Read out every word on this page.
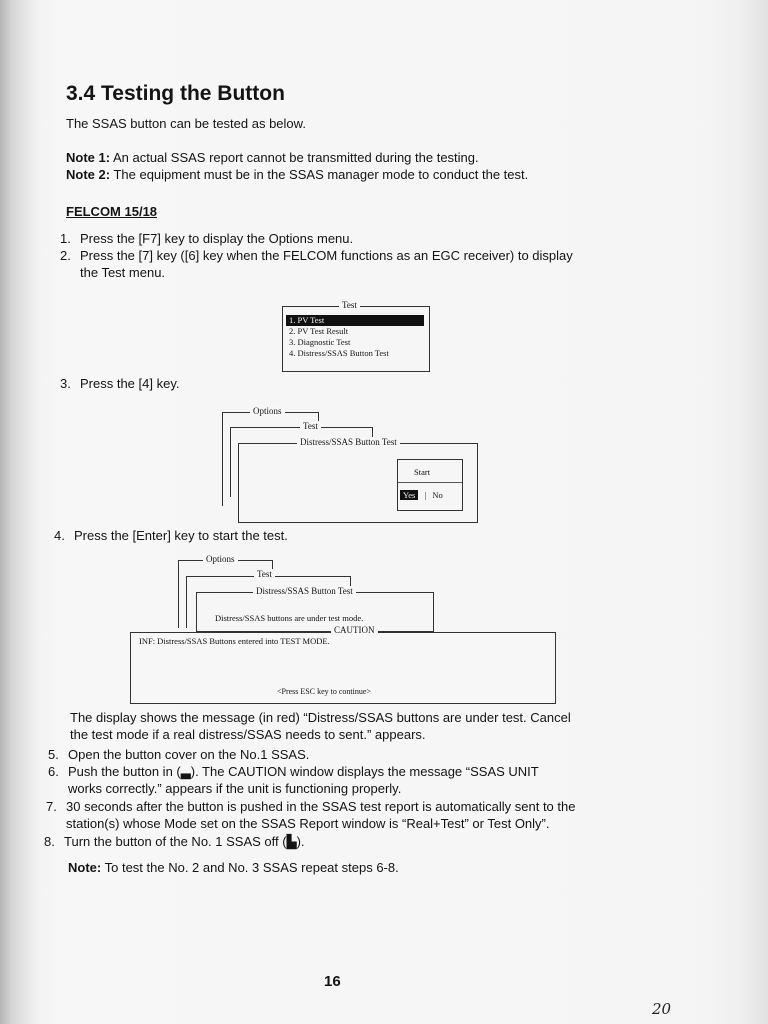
3.4 Testing the Button
The SSAS button can be tested as below.
Note 1: An actual SSAS report cannot be transmitted during the testing.
Note 2: The equipment must be in the SSAS manager mode to conduct the test.
FELCOM 15/18
1. Press the [F7] key to display the Options menu.
2. Press the [7] key ([6] key when the FELCOM functions as an EGC receiver) to display
the Test menu.
Test
1. PV Test
2. PV Test Result
3. Diagnostic Test
4. Distress/SSAS Button Test
3. Press the [4] key.
Options
Test
Distress/SSAS Button Test
Start
Yes | No
4. Press the [Enter] key to start the test.
Options
Test
Distress/SSAS Button Test
Distress/SSAS buttons are under test mode.
CAUTION
INF: Distress/SSAS Buttons entered into TEST MODE.
<Press ESC key to continue>
The display shows the message (in red) “Distress/SSAS buttons are under test. Cancel
the test mode if a real distress/SSAS needs to sent.” appears.
5. Open the button cover on the No.1 SSAS.
6. Push the button in (▃). The CAUTION window displays the message “SSAS UNIT
works correctly.” appears if the unit is functioning properly.
7. 30 seconds after the button is pushed in the SSAS test report is automatically sent to the
station(s) whose Mode set on the SSAS Report window is “Real+Test” or Test Only”.
8. Turn the button of the No. 1 SSAS off (▙).
Note: To test the No. 2 and No. 3 SSAS repeat steps 6-8.
16
20
